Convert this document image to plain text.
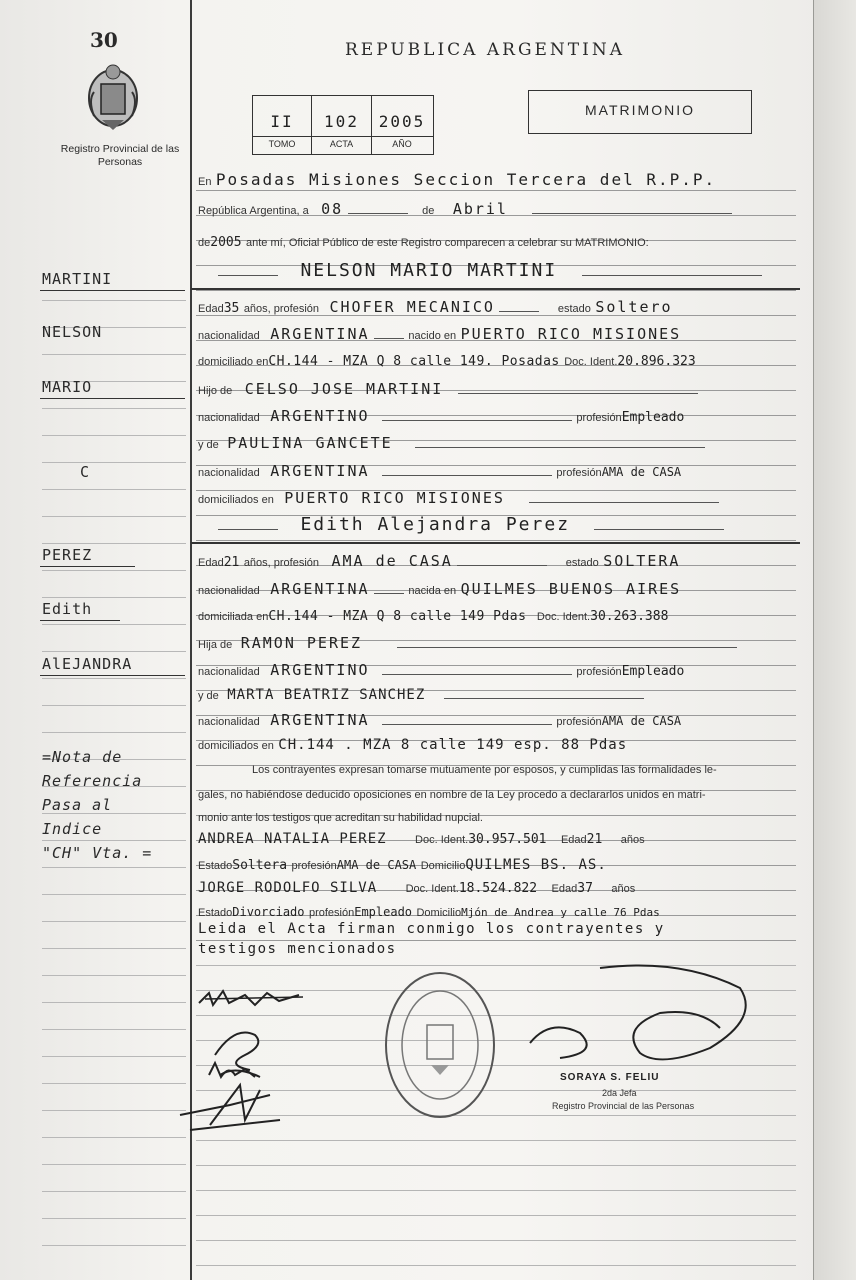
30
Registro Provincial de las Personas
REPUBLICA ARGENTINA
MATRIMONIO
II	102	2005
TOMO	ACTA	AÑO
MARTINI
NELSON
MARIO
C
PEREZ
Edith
AlEJANDRA
=Nota de
Referencia
Pasa al
Indice
"CH" Vta. =
En Posadas Misiones Seccion Tercera del R.P.P.
República Argentina, a 08	de Abril
de2005 ante mí, Oficial Público de este Registro comparecen a celebrar su MATRIMONIO:
NELSON MARIO MARTINI
Edad35 años, profesión CHOFER MECANICO	estado Soltero
nacionalidad ARGENTINA	nacido en PUERTO RICO MISIONES
domiciliado enCH.144 - MZA Q 8 calle 149. Posadas Doc. Ident.20.896.323
Hijo de CELSO JOSE MARTINI
nacionalidad ARGENTINO	profesiónEmpleado
y de PAULINA GANCETE
nacionalidad ARGENTINA	profesiónAMA de CASA
domiciliados en PUERTO RICO MISIONES
Edith Alejandra Perez
Edad21 años, profesión AMA de CASA	estado SOLTERA
nacionalidad ARGENTINA	nacida en QUILMES BUENOS AIRES
domiciliada enCH.144 - MZA Q 8 calle 149 Pdas Doc. Ident.30.263.388
Hija de RAMON PEREZ
nacionalidad ARGENTINO	profesiónEmpleado
y de MARTA BEATRIZ SANCHEZ
nacionalidad ARGENTINA	profesiónAMA de CASA
domiciliados en CH.144 . MZA 8 calle 149 esp. 88 Pdas
Los contrayentes expresan tomarse mutuamente por esposos, y cumplidas las formalidades le-
gales, no habiéndose deducido oposiciones en nombre de la Ley procedo a declararlos unidos en matri-
monio ante los testigos que acreditan su habilidad nupcial.
ANDREA NATALIA PEREZ	Doc. Ident.30.957.501 Edad21 años
EstadoSoltera profesiónAMA de CASA DomicilioQUILMES BS. AS.
JORGE RODOLFO SILVA	Doc. Ident.18.524.822 Edad37 años
EstadoDivorciado profesiónEmpleado DomicilioMjón de Andrea y calle 76 Pdas
Leida el Acta firman conmigo los contrayentes y
testigos mencionados
SORAYA S. FELIU
2da Jefa
Registro Provincial de las Personas
